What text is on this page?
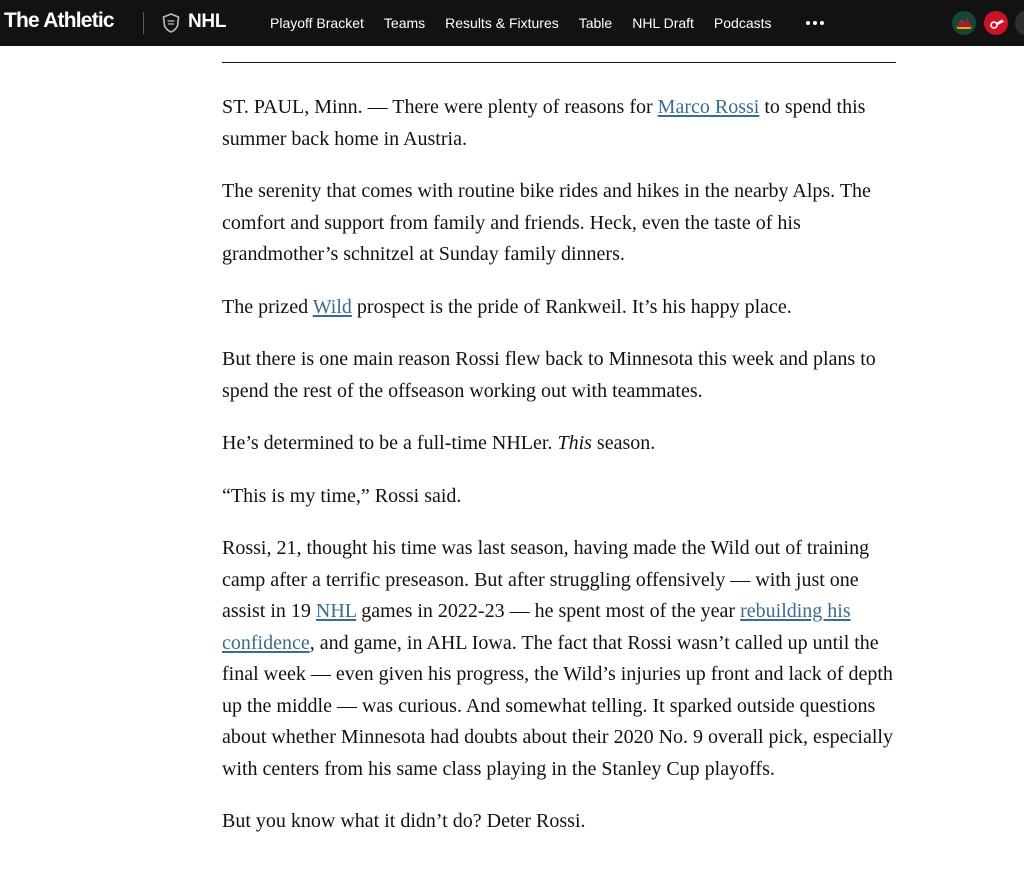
The Athletic	NHL	Playoff Bracket	Teams	Results & Fixtures	Table	NHL Draft	Podcasts

ST. PAUL, Minn. — There were plenty of reasons for Marco Rossi to spend this summer back home in Austria.

The serenity that comes with routine bike rides and hikes in the nearby Alps. The comfort and support from family and friends. Heck, even the taste of his grandmother’s schnitzel at Sunday family dinners.

The prized Wild prospect is the pride of Rankweil. It’s his happy place.

But there is one main reason Rossi flew back to Minnesota this week and plans to spend the rest of the offseason working out with teammates.

He’s determined to be a full-time NHLer. This season.

“This is my time,” Rossi said.

Rossi, 21, thought his time was last season, having made the Wild out of training camp after a terrific preseason. But after struggling offensively — with just one assist in 19 NHL games in 2022-23 — he spent most of the year rebuilding his confidence, and game, in AHL Iowa. The fact that Rossi wasn’t called up until the final week — even given his progress, the Wild’s injuries up front and lack of depth up the middle — was curious. And somewhat telling. It sparked outside questions about whether Minnesota had doubts about their 2020 No. 9 overall pick, especially with centers from his same class playing in the Stanley Cup playoffs.

But you know what it didn’t do? Deter Rossi.
